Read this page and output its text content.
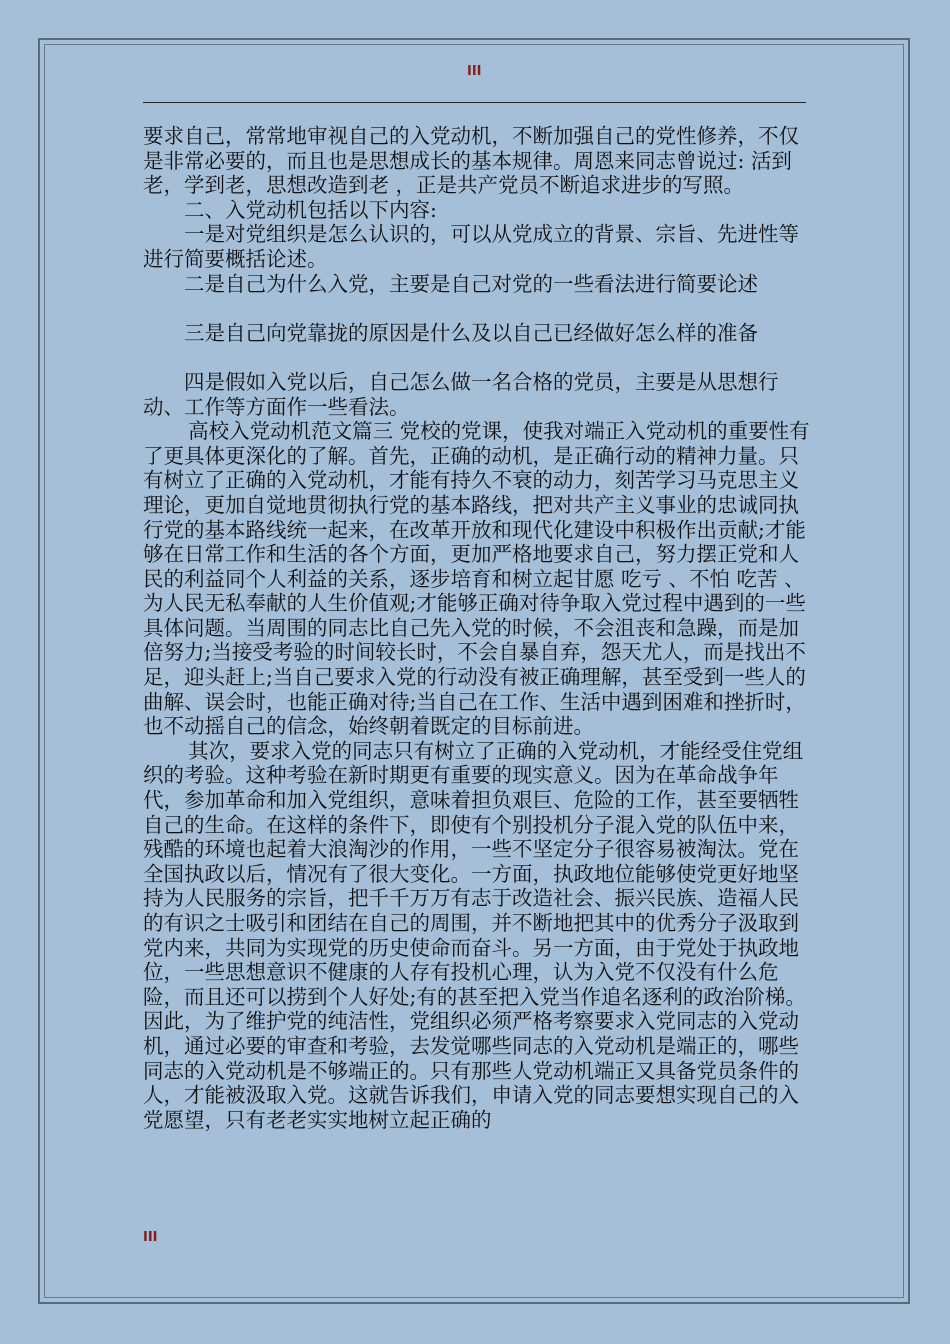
III

要求自己，常常地审视自己的入党动机，不断加强自己的党性修养，不仅是非常必要的，而且也是思想成长的基本规律。周恩来同志曾说过: 活到老，学到老，思想改造到老 ，正是共产党员不断追求进步的写照。

二、入党动机包括以下内容:

一是对党组织是怎么认识的，可以从党成立的背景、宗旨、先进性等进行简要概括论述。

二是自己为什么入党，主要是自己对党的一些看法进行简要论述

三是自己向党靠拢的原因是什么及以自己已经做好怎么样的准备

四是假如入党以后，自己怎么做一名合格的党员，主要是从思想行动、工作等方面作一些看法。

高校入党动机范文篇三 党校的党课，使我对端正入党动机的重要性有了更具体更深化的了解。首先，正确的动机，是正确行动的精神力量。只有树立了正确的入党动机，才能有持久不衰的动力，刻苦学习马克思主义理论，更加自觉地贯彻执行党的基本路线，把对共产主义事业的忠诚同执行党的基本路线统一起来，在改革开放和现代化建设中积极作出贡献;才能够在日常工作和生活的各个方面，更加严格地要求自己，努力摆正党和人民的利益同个人利益的关系，逐步培育和树立起甘愿 吃亏 、不怕 吃苦 、为人民无私奉献的人生价值观;才能够正确对待争取入党过程中遇到的一些具体问题。当周围的同志比自己先入党的时候，不会沮丧和急躁，而是加倍努力;当接受考验的时间较长时，不会自暴自弃，怨天尤人，而是找出不足，迎头赶上;当自己要求入党的行动没有被正确理解，甚至受到一些人的曲解、误会时，也能正确对待;当自己在工作、生活中遇到困难和挫折时，也不动摇自己的信念，始终朝着既定的目标前进。

其次，要求入党的同志只有树立了正确的入党动机，才能经受住党组织的考验。这种考验在新时期更有重要的现实意义。因为在革命战争年代，参加革命和加入党组织，意味着担负艰巨、危险的工作，甚至要牺牲自己的生命。在这样的条件下，即使有个别投机分子混入党的队伍中来，残酷的环境也起着大浪淘沙的作用，一些不坚定分子很容易被淘汰。党在全国执政以后，情况有了很大变化。一方面，执政地位能够使党更好地坚持为人民服务的宗旨，把千千万万有志于改造社会、振兴民族、造福人民的有识之士吸引和团结在自己的周围，并不断地把其中的优秀分子汲取到党内来，共同为实现党的历史使命而奋斗。另一方面，由于党处于执政地位，一些思想意识不健康的人存有投机心理，认为入党不仅没有什么危险，而且还可以捞到个人好处;有的甚至把入党当作追名逐利的政治阶梯。因此，为了维护党的纯洁性，党组织必须严格考察要求入党同志的入党动机，通过必要的审查和考验，去发觉哪些同志的入党动机是端正的，哪些同志的入党动机是不够端正的。只有那些人党动机端正又具备党员条件的人，才能被汲取入党。这就告诉我们，申请入党的同志要想实现自己的入党愿望，只有老老实实地树立起正确的

III
